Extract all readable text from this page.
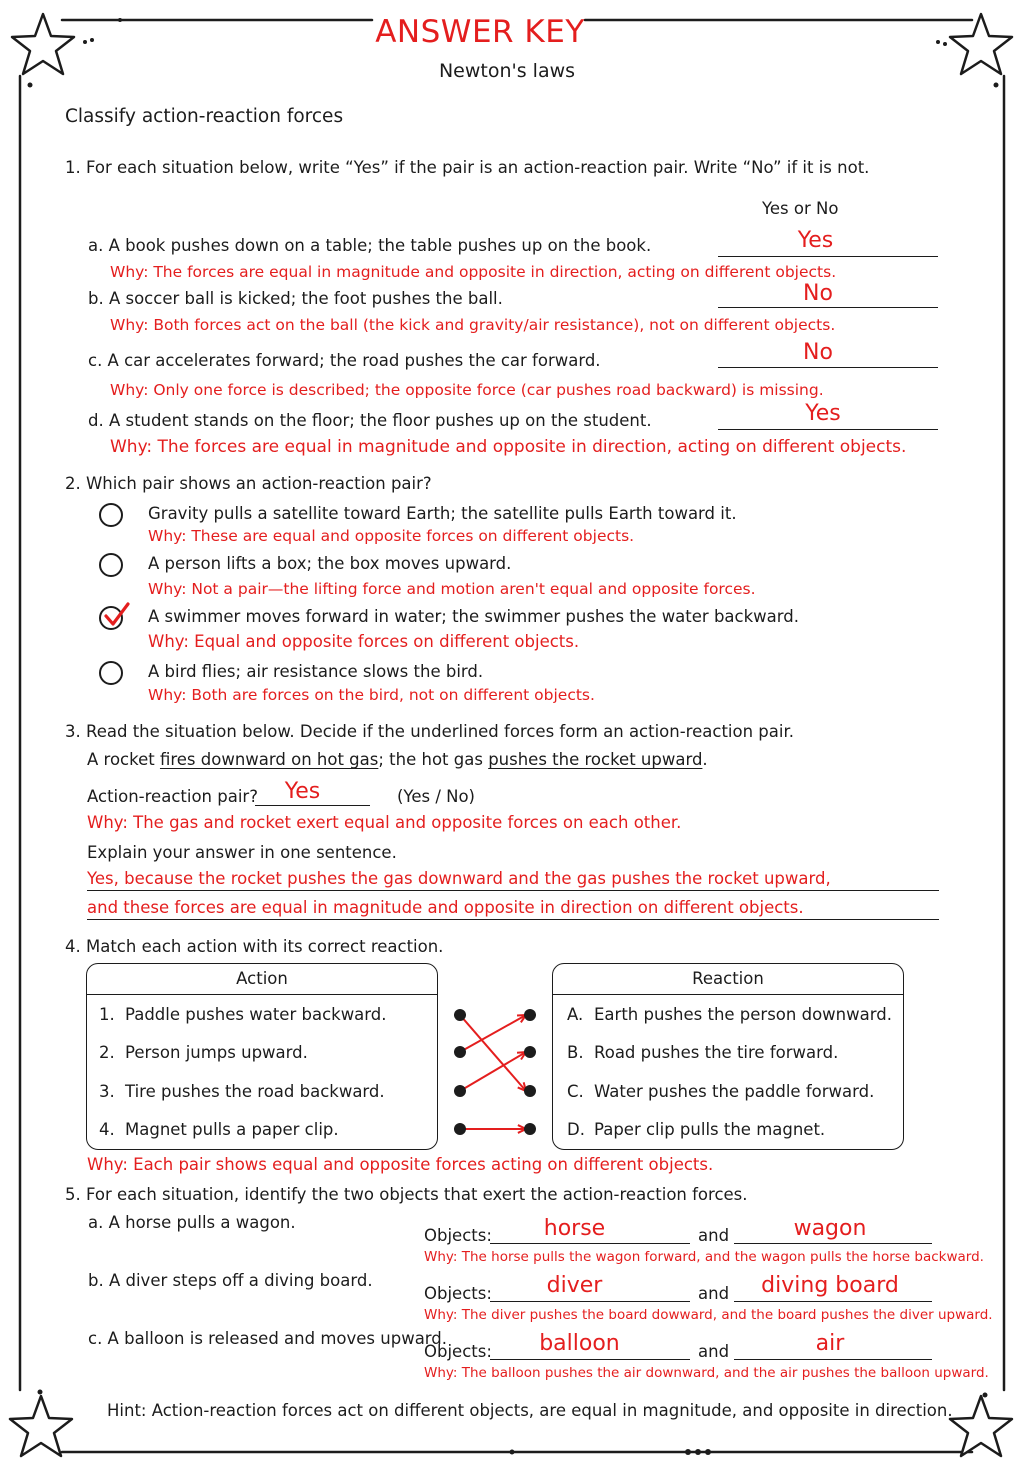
ANSWER KEY
Newton's laws
Classify action-reaction forces
1. For each situation below, write “Yes” if the pair is an action-reaction pair. Write “No” if it is not.
Yes or No
a. A book pushes down on a table; the table pushes up on the book.	Yes
Why: The forces are equal in magnitude and opposite in direction, acting on different objects.
b. A soccer ball is kicked; the foot pushes the ball.	No
Why: Both forces act on the ball (the kick and gravity/air resistance), not on different objects.
c. A car accelerates forward; the road pushes the car forward.	No
Why: Only one force is described; the opposite force (car pushes road backward) is missing.
d. A student stands on the floor; the floor pushes up on the student.	Yes
Why: The forces are equal in magnitude and opposite in direction, acting on different objects.
2. Which pair shows an action-reaction pair?
Gravity pulls a satellite toward Earth; the satellite pulls Earth toward it.
Why: These are equal and opposite forces on different objects.
A person lifts a box; the box moves upward.
Why: Not a pair—the lifting force and motion aren't equal and opposite forces.
A swimmer moves forward in water; the swimmer pushes the water backward.
Why: Equal and opposite forces on different objects.
A bird flies; air resistance slows the bird.
Why: Both are forces on the bird, not on different objects.
3. Read the situation below. Decide if the underlined forces form an action-reaction pair.
A rocket fires downward on hot gas; the hot gas pushes the rocket upward.
Action-reaction pair?	Yes	(Yes / No)
Why: The gas and rocket exert equal and opposite forces on each other.
Explain your answer in one sentence.
Yes, because the rocket pushes the gas downward and the gas pushes the rocket upward,
and these forces are equal in magnitude and opposite in direction on different objects.
4. Match each action with its correct reaction.
Action
1. Paddle pushes water backward.
2. Person jumps upward.
3. Tire pushes the road backward.
4. Magnet pulls a paper clip.
Reaction
A. Earth pushes the person downward.
B. Road pushes the tire forward.
C. Water pushes the paddle forward.
D. Paper clip pulls the magnet.
Why: Each pair shows equal and opposite forces acting on different objects.
5. For each situation, identify the two objects that exert the action-reaction forces.
a. A horse pulls a wagon.
Objects:	horse	and	wagon
Why: The horse pulls the wagon forward, and the wagon pulls the horse backward.
b. A diver steps off a diving board.
Objects:	diver	and	diving board
Why: The diver pushes the board dowward, and the board pushes the diver upward.
c. A balloon is released and moves upward.
Objects:	balloon	and	air
Why: The balloon pushes the air downward, and the air pushes the balloon upward.
Hint: Action-reaction forces act on different objects, are equal in magnitude, and opposite in direction.
